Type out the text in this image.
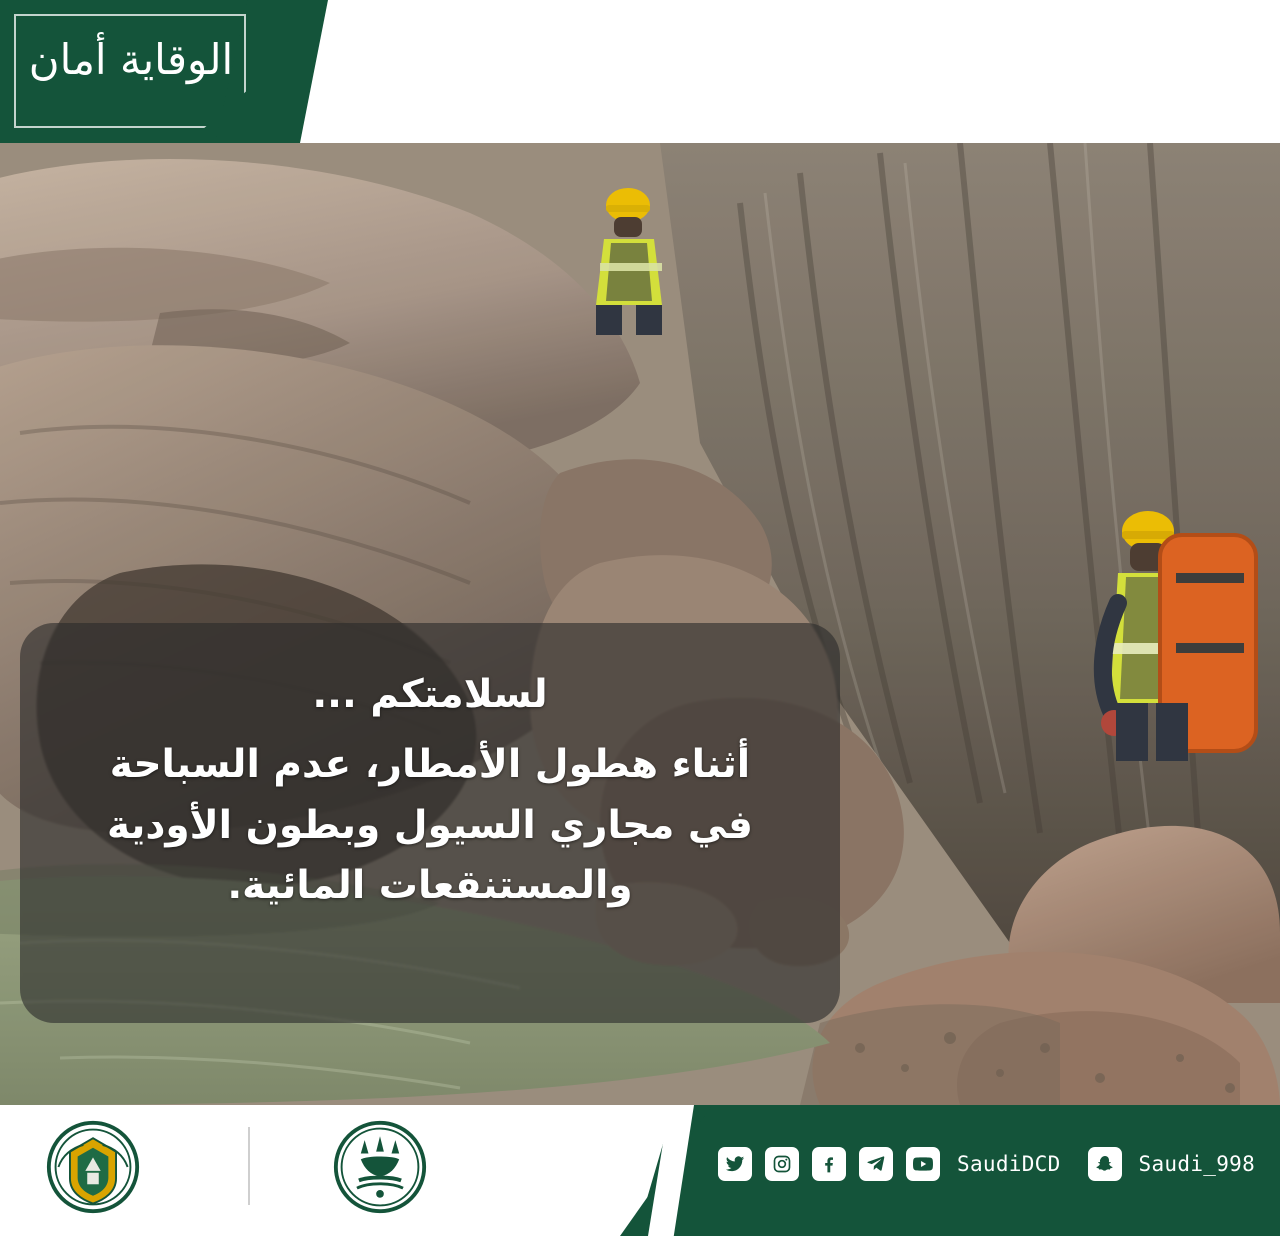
الوقاية أمان
لسلامتكم ...
أثناء هطول الأمطار، عدم السباحة
في مجاري السيول وبطون الأودية
والمستنقعات المائية.
SaudiDCD	Saudi_998
